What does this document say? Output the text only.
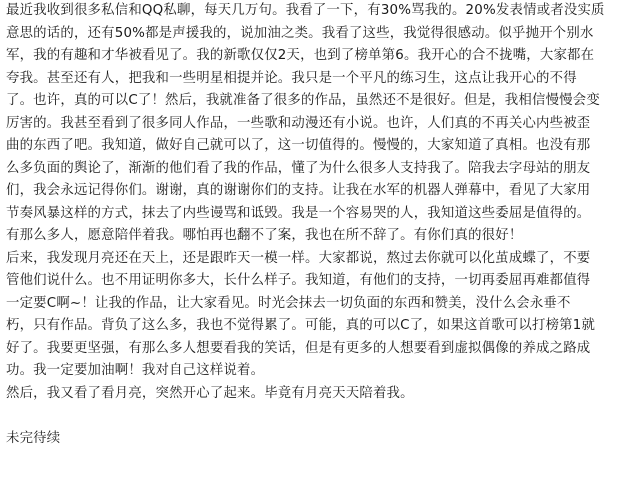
最近我收到很多私信和QQ私聊，每天几万句。我看了一下，有30%骂我的。20%发表情或者没实质
意思的话的，还有50%都是声援我的，说加油之类。我看了这些，我觉得很感动。似乎抛开个别水
军，我的有趣和才华被看见了。我的新歌仅仅2天，也到了榜单第6。我开心的合不拢嘴，大家都在
夸我。甚至还有人，把我和一些明星相提并论。我只是一个平凡的练习生，这点让我开心的不得
了。也许，真的可以C了！然后，我就准备了很多的作品，虽然还不是很好。但是，我相信慢慢会变
厉害的。我甚至看到了很多同人作品，一些歌和动漫还有小说。也许，人们真的不再关心内些被歪
曲的东西了吧。我知道，做好自己就可以了，这一切值得的。慢慢的，大家知道了真相。也没有那
么多负面的舆论了，渐渐的他们看了我的作品，懂了为什么很多人支持我了。陪我去字母站的朋友
们，我会永远记得你们。谢谢，真的谢谢你们的支持。让我在水军的机器人弹幕中，看见了大家用
节奏风暴这样的方式，抹去了内些谩骂和诋毁。我是一个容易哭的人，我知道这些委屈是值得的。
有那么多人，愿意陪伴着我。哪怕再也翻不了案，我也在所不辞了。有你们真的很好！
后来，我发现月亮还在天上，还是跟昨天一模一样。大家都说，熬过去你就可以化茧成蝶了，不要
管他们说什么。也不用证明你多大，长什么样子。我知道，有他们的支持，一切再委屈再难都值得
一定要C啊~！让我的作品，让大家看见。时光会抹去一切负面的东西和赞美，没什么会永垂不
朽，只有作品。背负了这么多，我也不觉得累了。可能，真的可以C了，如果这首歌可以打榜第1就
好了。我要更坚强，有那么多人想要看我的笑话，但是有更多的人想要看到虚拟偶像的养成之路成
功。我一定要加油啊！我对自己这样说着。
然后，我又看了看月亮，突然开心了起来。毕竟有月亮天天陪着我。
未完待续
